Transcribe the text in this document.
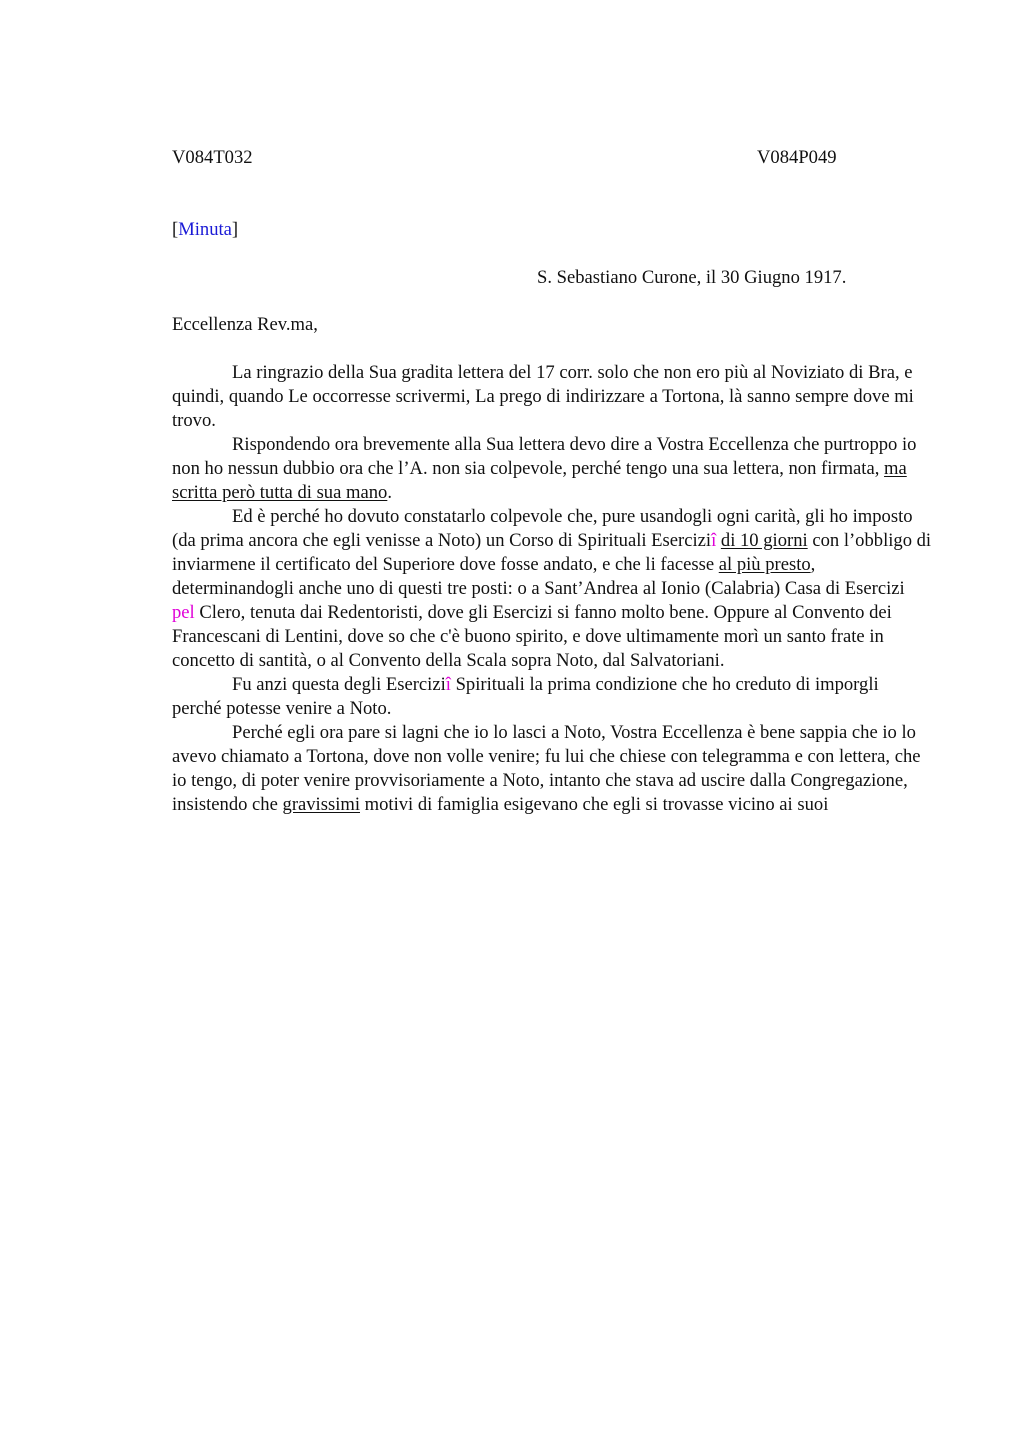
V084T032	V084P049
[Minuta]
S. Sebastiano Curone, il 30 Giugno 1917.
Eccellenza Rev.ma,

La ringrazio della Sua gradita lettera del 17 corr. solo che non ero più al Noviziato di Bra, e quindi, quando Le occorresse scrivermi, La prego di indirizzare a Tortona, là sanno sempre dove mi trovo.

Rispondendo ora brevemente alla Sua lettera devo dire a Vostra Eccellenza che purtroppo io non ho nessun dubbio ora che l’A. non sia colpevole, perché tengo una sua lettera, non firmata, ma scritta però tutta di sua mano.

Ed è perché ho dovuto constatarlo colpevole che, pure usandogli ogni carità, gli ho imposto (da prima ancora che egli venisse a Noto) un Corso di Spirituali Eserciziî di 10 giorni con l’obbligo di inviarmene il certificato del Superiore dove fosse andato, e che li facesse al più presto, determinandogli anche uno di questi tre posti: o a Sant’Andrea al Ionio (Calabria) Casa di Esercizi pel Clero, tenuta dai Redentoristi, dove gli Esercizi si fanno molto bene. Oppure al Convento dei Francescani di Lentini, dove so che c'è buono spirito, e dove ultimamente morì un santo frate in concetto di santità, o al Convento della Scala sopra Noto, dal Salvatoriani.

Fu anzi questa degli Eserciziî Spirituali la prima condizione che ho creduto di imporgli perché potesse venire a Noto.

Perché egli ora pare si lagni che io lo lasci a Noto, Vostra Eccellenza è bene sappia che io lo avevo chiamato a Tortona, dove non volle venire; fu lui che chiese con telegramma e con lettera, che io tengo, di poter venire provvisoriamente a Noto, intanto che stava ad uscire dalla Congregazione, insistendo che gravissimi motivi di famiglia esigevano che egli si trovasse vicino ai suoi
